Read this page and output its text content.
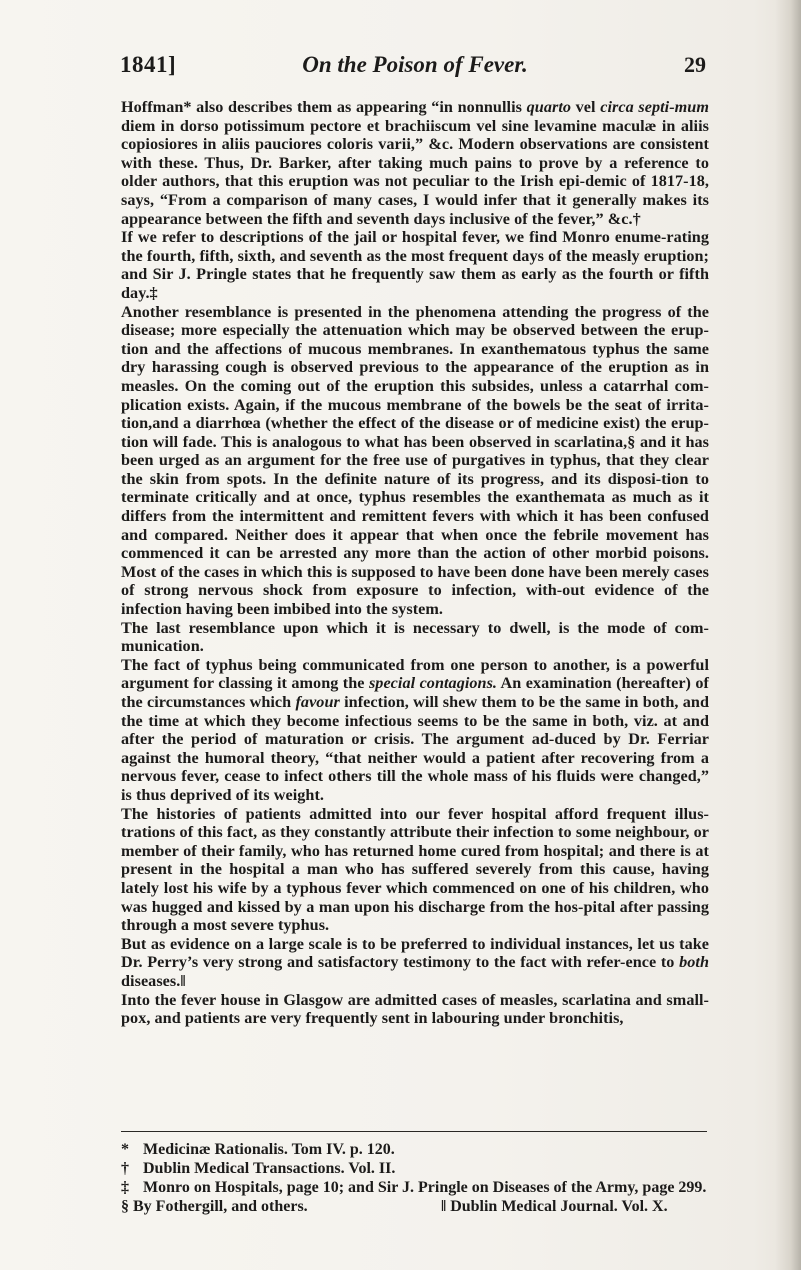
1841]	On the Poison of Fever.	29

Hoffman* also describes them as appearing “in nonnullis quarto vel circa septi-mum diem in dorso potissimum pectore et brachiiscum vel sine levamine maculæ in aliis copiosiores in aliis pauciores coloris varii,” &c. Modern observations are consistent with these. Thus, Dr. Barker, after taking much pains to prove by a reference to older authors, that this eruption was not peculiar to the Irish epi-demic of 1817-18, says, “From a comparison of many cases, I would infer that it generally makes its appearance between the fifth and seventh days inclusive of the fever,” &c.†

If we refer to descriptions of the jail or hospital fever, we find Monro enume-rating the fourth, fifth, sixth, and seventh as the most frequent days of the measly eruption; and Sir J. Pringle states that he frequently saw them as early as the fourth or fifth day.‡

Another resemblance is presented in the phenomena attending the progress of the disease; more especially the attenuation which may be observed between the erup-tion and the affections of mucous membranes. In exanthematous typhus the same dry harassing cough is observed previous to the appearance of the eruption as in measles. On the coming out of the eruption this subsides, unless a catarrhal com-plication exists. Again, if the mucous membrane of the bowels be the seat of irrita-tion,and a diarrhœa (whether the effect of the disease or of medicine exist) the erup-tion will fade. This is analogous to what has been observed in scarlatina,§ and it has been urged as an argument for the free use of purgatives in typhus, that they clear the skin from spots. In the definite nature of its progress, and its disposi-tion to terminate critically and at once, typhus resembles the exanthemata as much as it differs from the intermittent and remittent fevers with which it has been confused and compared. Neither does it appear that when once the febrile movement has commenced it can be arrested any more than the action of other morbid poisons. Most of the cases in which this is supposed to have been done have been merely cases of strong nervous shock from exposure to infection, with-out evidence of the infection having been imbibed into the system.

The last resemblance upon which it is necessary to dwell, is the mode of com-munication.

The fact of typhus being communicated from one person to another, is a powerful argument for classing it among the special contagions. An examination (hereafter) of the circumstances which favour infection, will shew them to be the same in both, and the time at which they become infectious seems to be the same in both, viz. at and after the period of maturation or crisis. The argument ad-duced by Dr. Ferriar against the humoral theory, “that neither would a patient after recovering from a nervous fever, cease to infect others till the whole mass of his fluids were changed,” is thus deprived of its weight.

The histories of patients admitted into our fever hospital afford frequent illus-trations of this fact, as they constantly attribute their infection to some neighbour, or member of their family, who has returned home cured from hospital; and there is at present in the hospital a man who has suffered severely from this cause, having lately lost his wife by a typhous fever which commenced on one of his children, who was hugged and kissed by a man upon his discharge from the hos-pital after passing through a most severe typhus.

But as evidence on a large scale is to be preferred to individual instances, let us take Dr. Perry’s very strong and satisfactory testimony to the fact with refer-ence to both diseases.‖

Into the fever house in Glasgow are admitted cases of measles, scarlatina and small-pox, and patients are very frequently sent in labouring under bronchitis,

* Medicinæ Rationalis. Tom IV. p. 120.

† Dublin Medical Transactions. Vol. II.

‡ Monro on Hospitals, page 10; and Sir J. Pringle on Diseases of the Army, page 299.

§ By Fothergill, and others.	‖ Dublin Medical Journal. Vol. X.
